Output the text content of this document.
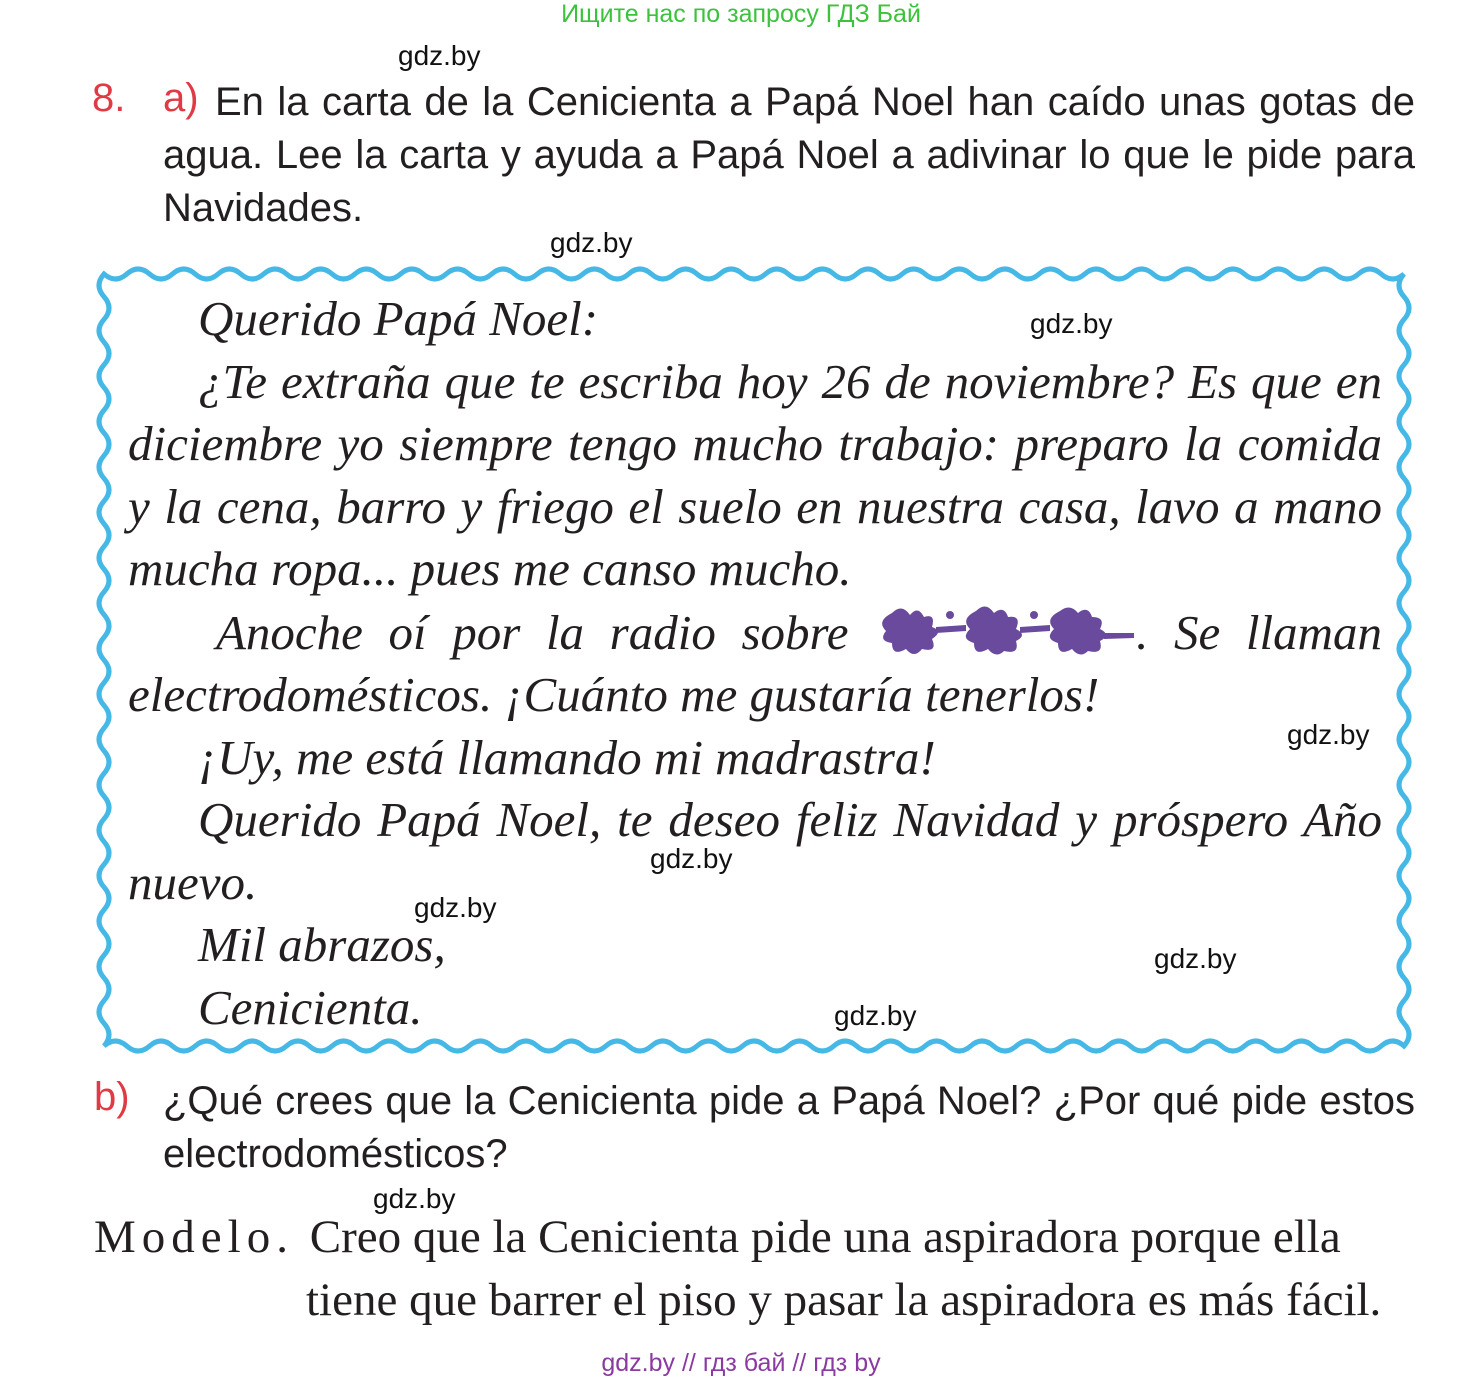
Ищите нас по запросу ГДЗ Бай
gdz.by
gdz.by
gdz.by
gdz.by
gdz.by
gdz.by
gdz.by
gdz.by
gdz.by
8. a) En la carta de la Cenicienta a Papá Noel han caído unas gotas de agua. Lee la carta y ayuda a Papá Noel a adivinar lo que le pide para Navidades.

Querido Papá Noel:

¿Te extraña que te escriba hoy 26 de noviembre? Es que en diciembre yo siempre tengo mucho trabajo: preparo la comida y la cena, barro y friego el suelo en nuestra casa, lavo a mano mucha ropa... pues me canso mucho.

Anoche oí por la radio sobre	. Se llaman electrodomésticos. ¡Cuánto me gustaría tenerlos!

¡Uy, me está llamando mi madrastra!

Querido Papá Noel, te deseo feliz Navidad y próspero Año nuevo.

Mil abrazos,

Cenicienta.

b) ¿Qué crees que la Cenicienta pide a Papá Noel? ¿Por qué pide estos electrodomésticos?
Modelo. Creo que la Cenicienta pide una aspiradora porque ella
tiene que barrer el piso y pasar la aspiradora es más fácil.
gdz.by // гдз бай // гдз by
